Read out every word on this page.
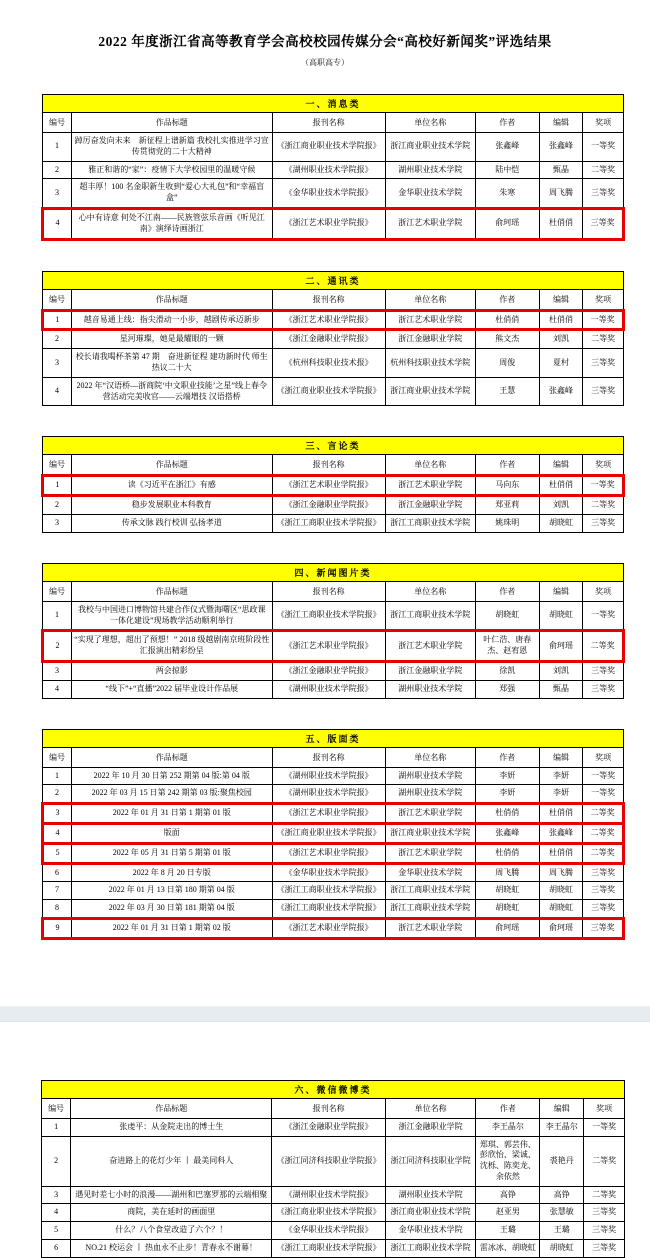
2022 年度浙江省高等教育学会高校校园传媒分会“高校好新闻奖”评选结果
（高职高专）
一、消息类						
编号	作品标题	报刊名称	单位名称	作者	编辑	奖项
1	踔厉奋发向未来　新征程上谱新篇 我校扎实推进学习宣传贯彻党的二十大精神	《浙江商业职业技术学院报》	浙江商业职业技术学院	张鑫峰	张鑫峰	一等奖
2	雅正和谐的“家”：疫情下大学校园里的温暖守候	《湖州职业技术学院报》	湖州职业技术学院	陆中恺	甄晶	二等奖
3	超丰厚！100 名金职新生收到“爱心大礼包”和“幸福盲盒”	《金华职业技术学院报》	金华职业技术学院	朱寒	周飞腾	三等奖
4	心中有诗意 何处不江南——民族管弦乐音画《听见江南》演绎诗画浙江	《浙江艺术职业学院报》	浙江艺术职业学院	俞珂瑶	杜俏俏	三等奖
二、通讯类						
编号	作品标题	报刊名称	单位名称	作者	编辑	奖项
1	越音易通上线：指尖滑动一小步，越剧传承迈新步	《浙江艺术职业学院报》	浙江艺术职业学院	杜俏俏	杜俏俏	一等奖
2	星河璀璨，她是最耀眼的一颗	《浙江金融职业学院报》	浙江金融职业学院	熊文杰	刘凯	二等奖
3	校长请我喝杯茶第 47 期　奋进新征程 建功新时代 师生热议二十大	《杭州科技职业技术报》	杭州科技职业技术学院	周俊	夏村	三等奖
4	2022 年“汉语桥—浙商院‘中文职业技能’之星”线上春令营活动完美收官——云端增技 汉语搭桥	《浙江商业职业技术学院报》	浙江商业职业技术学院	王慧	张鑫峰	三等奖
三、言论类						
编号	作品标题	报刊名称	单位名称	作者	编辑	奖项
1	读《习近平在浙江》有感	《浙江艺术职业学院报》	浙江艺术职业学院	马向东	杜俏俏	一等奖
2	稳步发展职业本科教育	《浙江金融职业学院报》	浙江金融职业学院	郑亚莉	刘凯	二等奖
3	传承文脉 践行校训 弘扬孝道	《浙江工商职业技术学院报》	浙江工商职业技术学院	姚珠明	胡晓虹	三等奖
四、新闻图片类						
编号	作品标题	报刊名称	单位名称	作者	编辑	奖项
1	我校与中国进口博物馆共建合作仪式暨海曙区“思政课一体化建设”现场教学活动顺利举行	《浙江工商职业技术学院报》	浙江工商职业技术学院	胡晓虹	胡晓虹	一等奖
2	“实现了理想，超出了预想！” 2018 级越剧南京班阶段性汇报演出精彩纷呈	《浙江艺术职业学院报》	浙江艺术职业学院	叶仁浩、唐春杰、赵宥恩	俞珂瑶	二等奖
3	两会掠影	《浙江金融职业学院报》	浙江金融职业学院	徐凯	刘凯	三等奖
4	“线下”+“直播”2022 届毕业设计作品展	《湖州职业技术学院报》	湖州职业技术学院	郑强	甄晶	三等奖
五、版面类						
编号	作品标题	报刊名称	单位名称	作者	编辑	奖项
1	2022 年 10 月 30 日第 252 期第 04 版:第 04 版	《湖州职业技术学院报》	湖州职业技术学院	李妍	李妍	一等奖
2	2022 年 03 月 15 日第 242 期第 03 版:聚焦校园	《湖州职业技术学院报》	湖州职业技术学院	李妍	李妍	一等奖
3	2022 年 01 月 31 日第 1 期第 01 版	《浙江艺术职业学院报》	浙江艺术职业学院	杜俏俏	杜俏俏	二等奖
4	版面	《浙江商业职业技术学院报》	浙江商业职业技术学院	张鑫峰	张鑫峰	二等奖
5	2022 年 05 月 31 日第 5 期第 01 版	《浙江艺术职业学院报》	浙江艺术职业学院	杜俏俏	杜俏俏	二等奖
6	2022 年 8 月 20 日专版	《金华职业技术学院报》	金华职业技术学院	周飞腾	周飞腾	三等奖
7	2022 年 01 月 13 日第 180 期第 04 版	《浙江工商职业技术学院报》	浙江工商职业技术学院	胡晓虹	胡晓虹	三等奖
8	2022 年 03 月 30 日第 181 期第 04 版	《浙江工商职业技术学院报》	浙江工商职业技术学院	胡晓虹	胡晓虹	三等奖
9	2022 年 01 月 31 日第 1 期第 02 版	《浙江艺术职业学院报》	浙江艺术职业学院	俞珂瑶	俞珂瑶	三等奖
六、微信微博类						
编号	作品标题	报刊名称	单位名称	作者	编辑	奖项
1	张虔平：从金院走出的博士生	《浙江金融职业学院报》	浙江金融职业学院	李王晶尔	李王晶尔	一等奖
2	奋进路上的花灯少年 丨 最美同科人	《浙江同济科技职业学院报》	浙江同济科技职业学院	郑琪、郭芸伟、彭欣怡、梁诚、沈栎、陈奕龙、余依然	裘艳丹	二等奖
3	遇见时差七小时的浪漫——湖州和巴塞罗那的云端相聚	《湖州职业技术学院报》	湖州职业技术学院	高铮	高铮	二等奖
4	商院，美在延时的画面里	《浙江商业职业技术学院报》	浙江商业职业技术学院	赵亚男	张慧敏	三等奖
5	什么？八个食堂改造了六个？！	《金华职业技术学院报》	金华职业技术学院	王璐	王璐	三等奖
6	NO.21 校运会 丨 热血永不止步！青春永不谢幕！	《浙江工商职业技术学院报》	浙江工商职业技术学院	雷冰冰、胡晓虹	胡晓虹	三等奖
